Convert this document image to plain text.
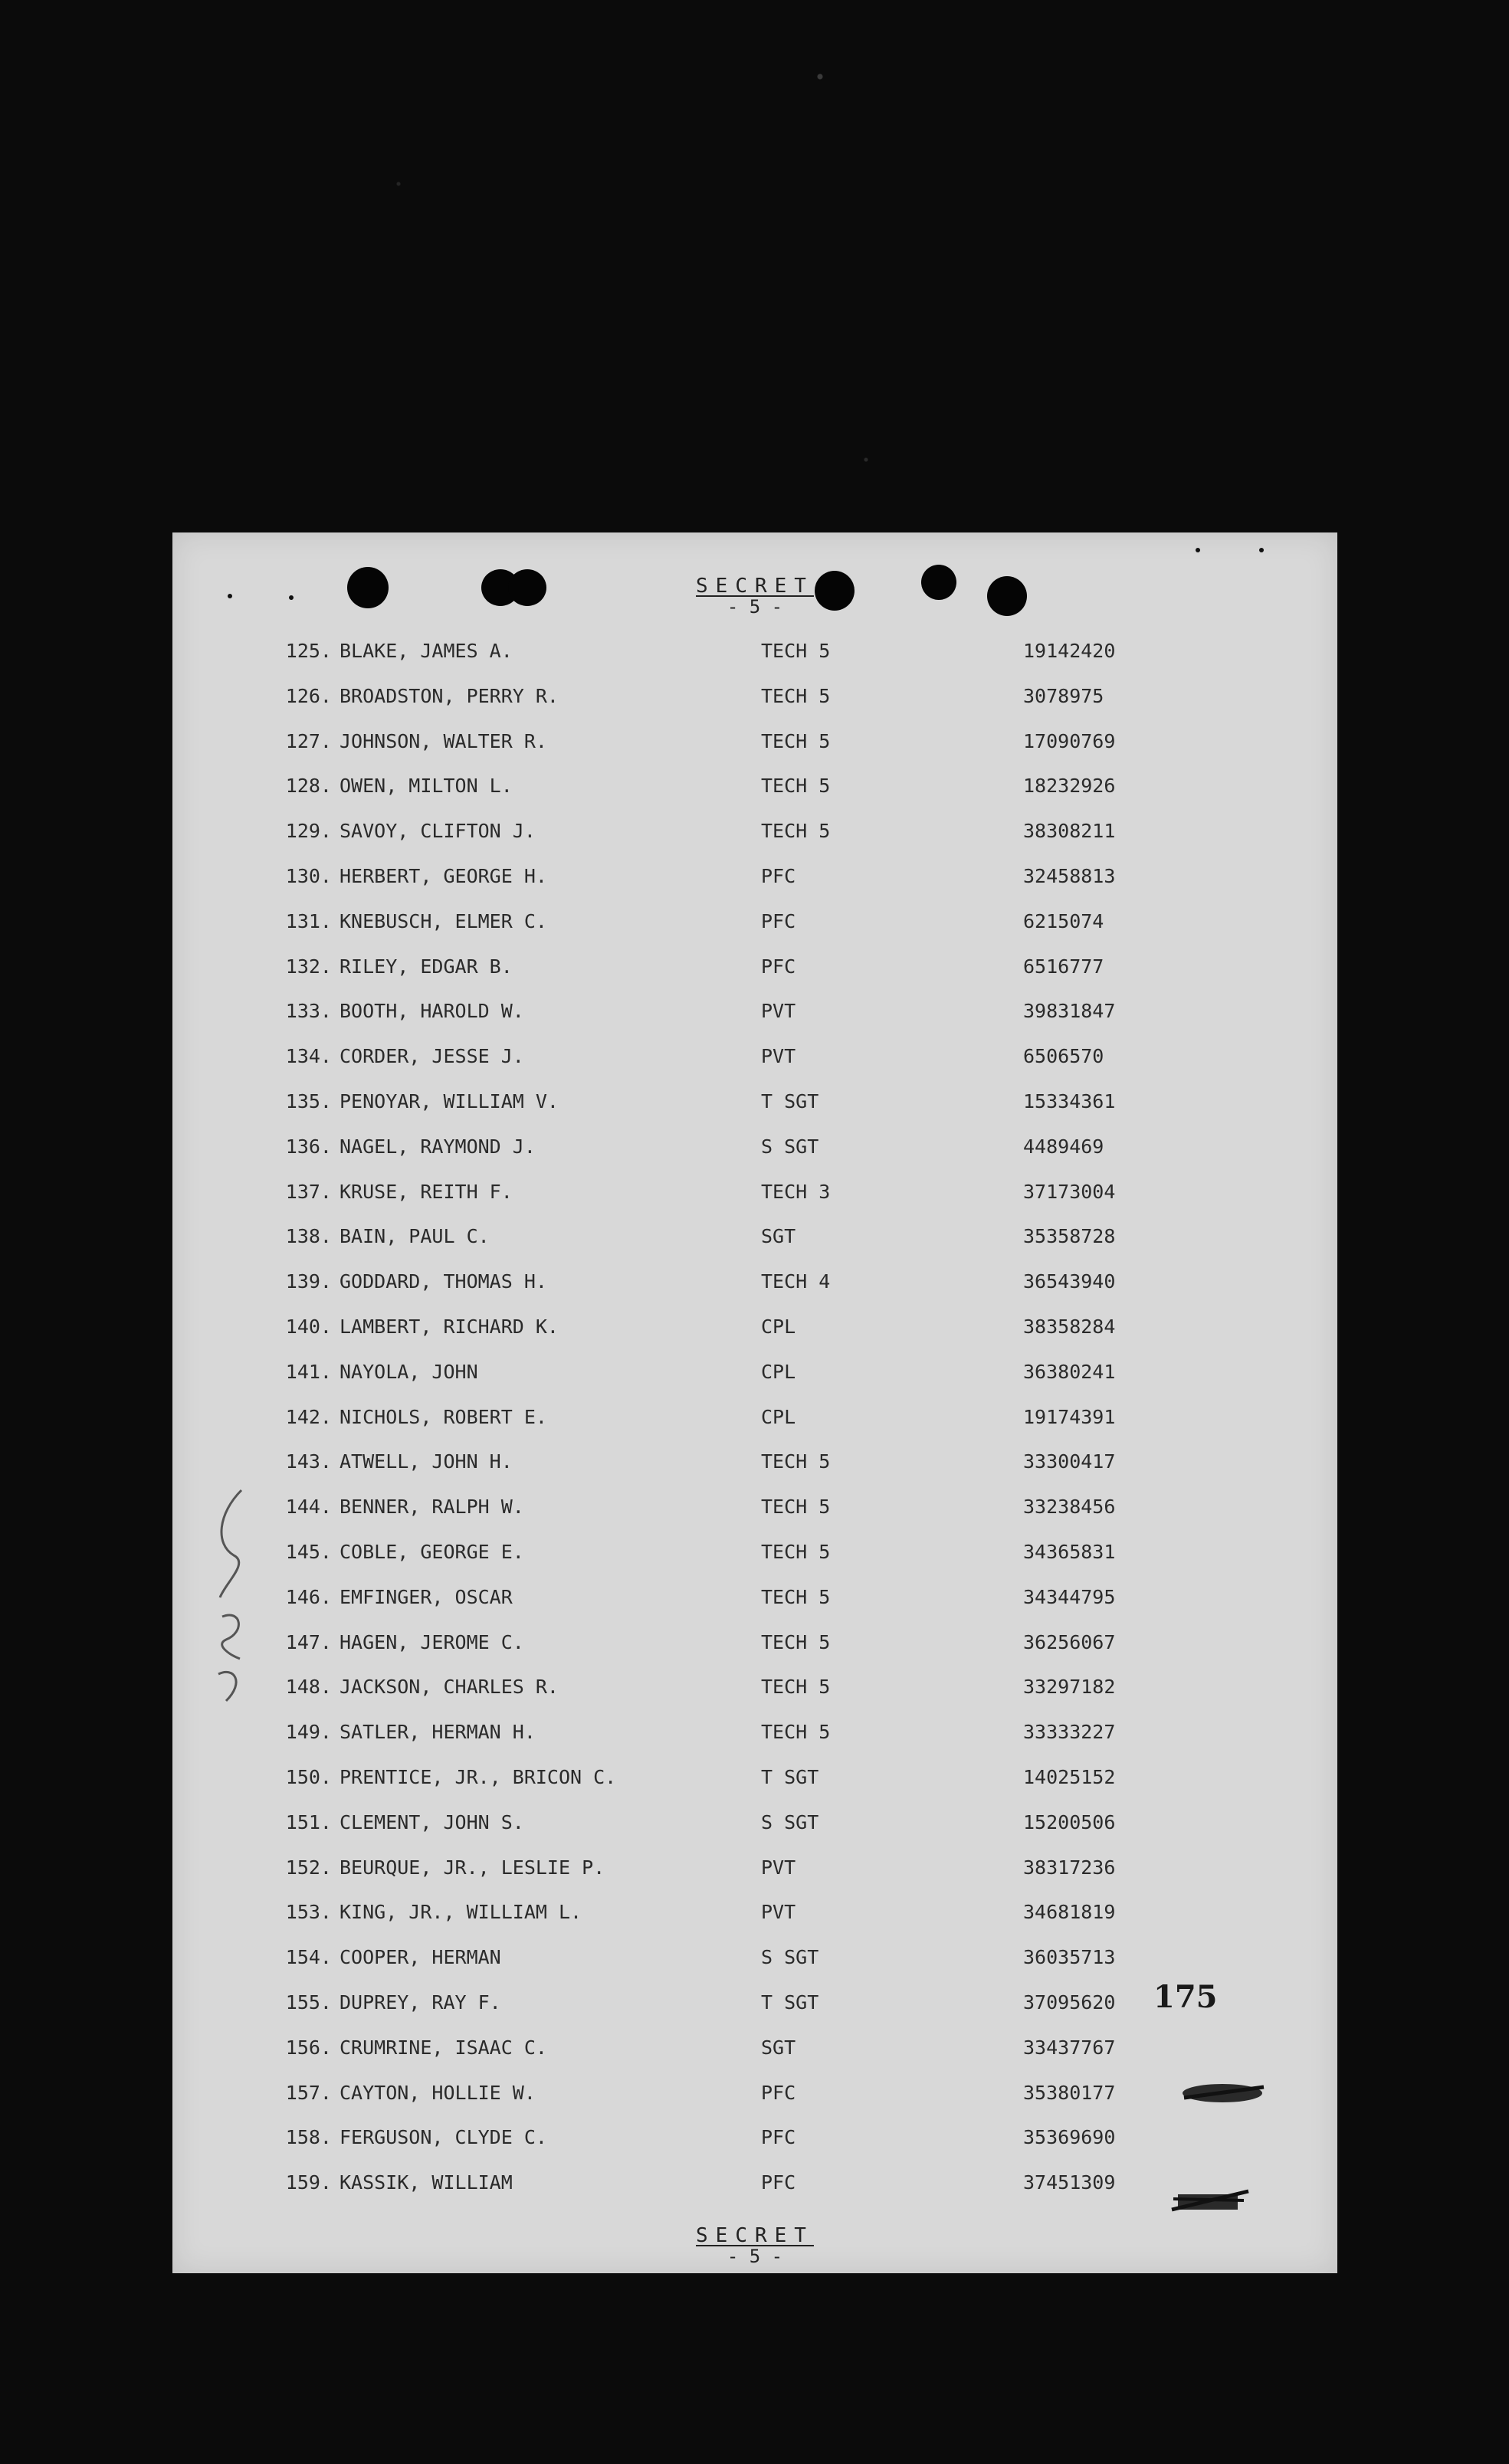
SECRET
- 5 -
125. BLAKE, JAMES A.	TECH 5	19142420
126. BROADSTON, PERRY R.	TECH 5	3078975
127. JOHNSON, WALTER R.	TECH 5	17090769
128. OWEN, MILTON L.	TECH 5	18232926
129. SAVOY, CLIFTON J.	TECH 5	38308211
130. HERBERT, GEORGE H.	PFC	32458813
131. KNEBUSCH, ELMER C.	PFC	6215074
132. RILEY, EDGAR B.	PFC	6516777
133. BOOTH, HAROLD W.	PVT	39831847
134. CORDER, JESSE J.	PVT	6506570
135. PENOYAR, WILLIAM V.	T SGT	15334361
136. NAGEL, RAYMOND J.	S SGT	4489469
137. KRUSE, REITH F.	TECH 3	37173004
138. BAIN, PAUL C.	SGT	35358728
139. GODDARD, THOMAS H.	TECH 4	36543940
140. LAMBERT, RICHARD K.	CPL	38358284
141. NAYOLA, JOHN	CPL	36380241
142. NICHOLS, ROBERT E.	CPL	19174391
143. ATWELL, JOHN H.	TECH 5	33300417
144. BENNER, RALPH W.	TECH 5	33238456
145. COBLE, GEORGE E.	TECH 5	34365831
146. EMFINGER, OSCAR	TECH 5	34344795
147. HAGEN, JEROME C.	TECH 5	36256067
148. JACKSON, CHARLES R.	TECH 5	33297182
149. SATLER, HERMAN H.	TECH 5	33333227
150. PRENTICE, JR., BRICON C.	T SGT	14025152
151. CLEMENT, JOHN S.	S SGT	15200506
152. BEURQUE, JR., LESLIE P.	PVT	38317236
153. KING, JR., WILLIAM L.	PVT	34681819
154. COOPER, HERMAN	S SGT	36035713
155. DUPREY, RAY F.	T SGT	37095620
156. CRUMRINE, ISAAC C.	SGT	33437767
157. CAYTON, HOLLIE W.	PFC	35380177
158. FERGUSON, CLYDE C.	PFC	35369690
159. KASSIK, WILLIAM	PFC	37451309
175
SECRET
- 5 -
